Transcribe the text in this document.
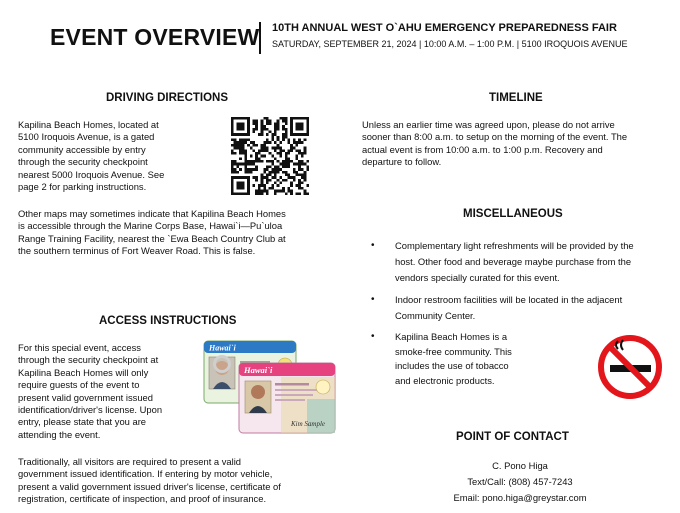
EVENT OVERVIEW 10TH ANNUAL WEST O`AHU EMERGENCY PREPAREDNESS FAIR
SATURDAY, SEPTEMBER 21, 2024 | 10:00 A.M. – 1:00 P.M. | 5100 IROQUOIS AVENUE
DRIVING DIRECTIONS
Kapilina Beach Homes, located at
5100 Iroquois Avenue, is a gated
community accessible by entry
through the security checkpoint
nearest 5000 Iroquois Avenue. See
page 2 for parking instructions.
Other maps may sometimes indicate that Kapilina Beach Homes
is accessible through the Marine Corps Base, Hawai`i—Pu`uloa
Range Training Facility, nearest the `Ewa Beach Country Club at
the southern terminus of Fort Weaver Road. This is false.
ACCESS INSTRUCTIONS
For this special event, access
through the security checkpoint at
Kapilina Beach Homes will only
require guests of the event to
present valid government issued
identification/driver's license. Upon
entry, please state that you are
attending the event.
Hawai`i
Hawai`i
Kim Sample
Traditionally, all visitors are required to present a valid
government issued identification. If entering by motor vehicle,
present a valid government issued driver's license, certificate of
registration, certificate of inspection, and proof of insurance.
TIMELINE
Unless an earlier time was agreed upon, please do not arrive
sooner than 8:00 a.m. to setup on the morning of the event. The
actual event is from 10:00 a.m. to 1:00 p.m. Recovery and
departure to follow.
MISCELLANEOUS
• Complementary light refreshments will be provided by the
host. Other food and beverage maybe purchase from the
vendors specially curated for this event.
• Indoor restroom facilities will be located in the adjacent
Community Center.
• Kapilina Beach Homes is a
smoke-free community. This
includes the use of tobacco
and electronic products.
POINT OF CONTACT
C. Pono Higa
Text/Call: (808) 457-7243
Email: pono.higa@greystar.com
